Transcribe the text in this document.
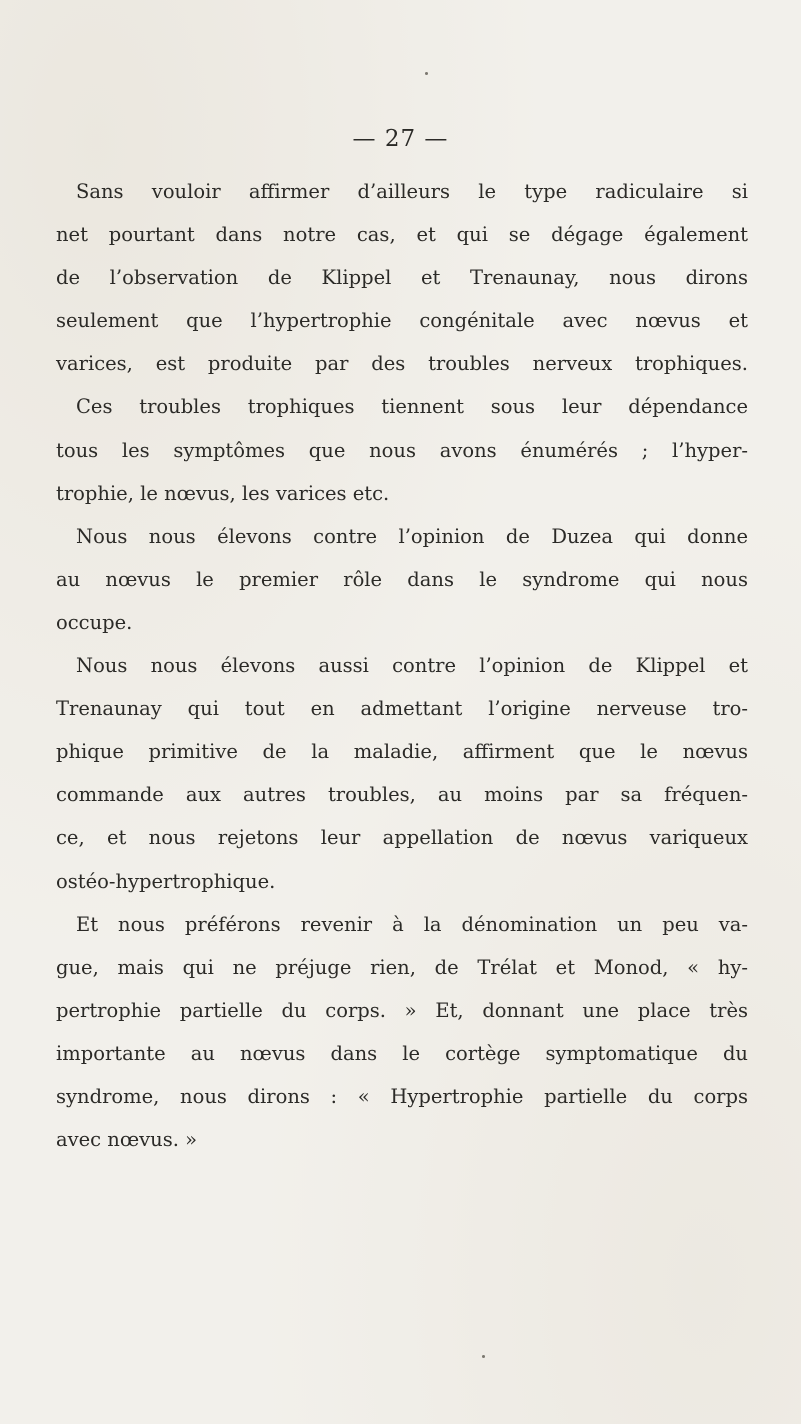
— 27 —
Sans vouloir affirmer d’ailleurs le type radiculaire si
net pourtant dans notre cas, et qui se dégage également
de l’observation de Klippel et Trenaunay, nous dirons
seulement que l’hypertrophie congénitale avec nœvus et
varices, est produite par des troubles nerveux trophiques.
Ces troubles trophiques tiennent sous leur dépendance
tous les symptômes que nous avons énumérés ; l’hyper-
trophie, le nœvus, les varices etc.
Nous nous élevons contre l’opinion de Duzea qui donne
au nœvus le premier rôle dans le syndrome qui nous
occupe.
Nous nous élevons aussi contre l’opinion de Klippel et
Trenaunay qui tout en admettant l’origine nerveuse tro-
phique primitive de la maladie, affirment que le nœvus
commande aux autres troubles, au moins par sa fréquen-
ce, et nous rejetons leur appellation de nœvus variqueux
ostéo-hypertrophique.
Et nous préférons revenir à la dénomination un peu va-
gue, mais qui ne préjuge rien, de Trélat et Monod, « hy-
pertrophie partielle du corps. » Et, donnant une place très
importante au nœvus dans le cortège symptomatique du
syndrome, nous dirons : « Hypertrophie partielle du corps
avec nœvus. »
